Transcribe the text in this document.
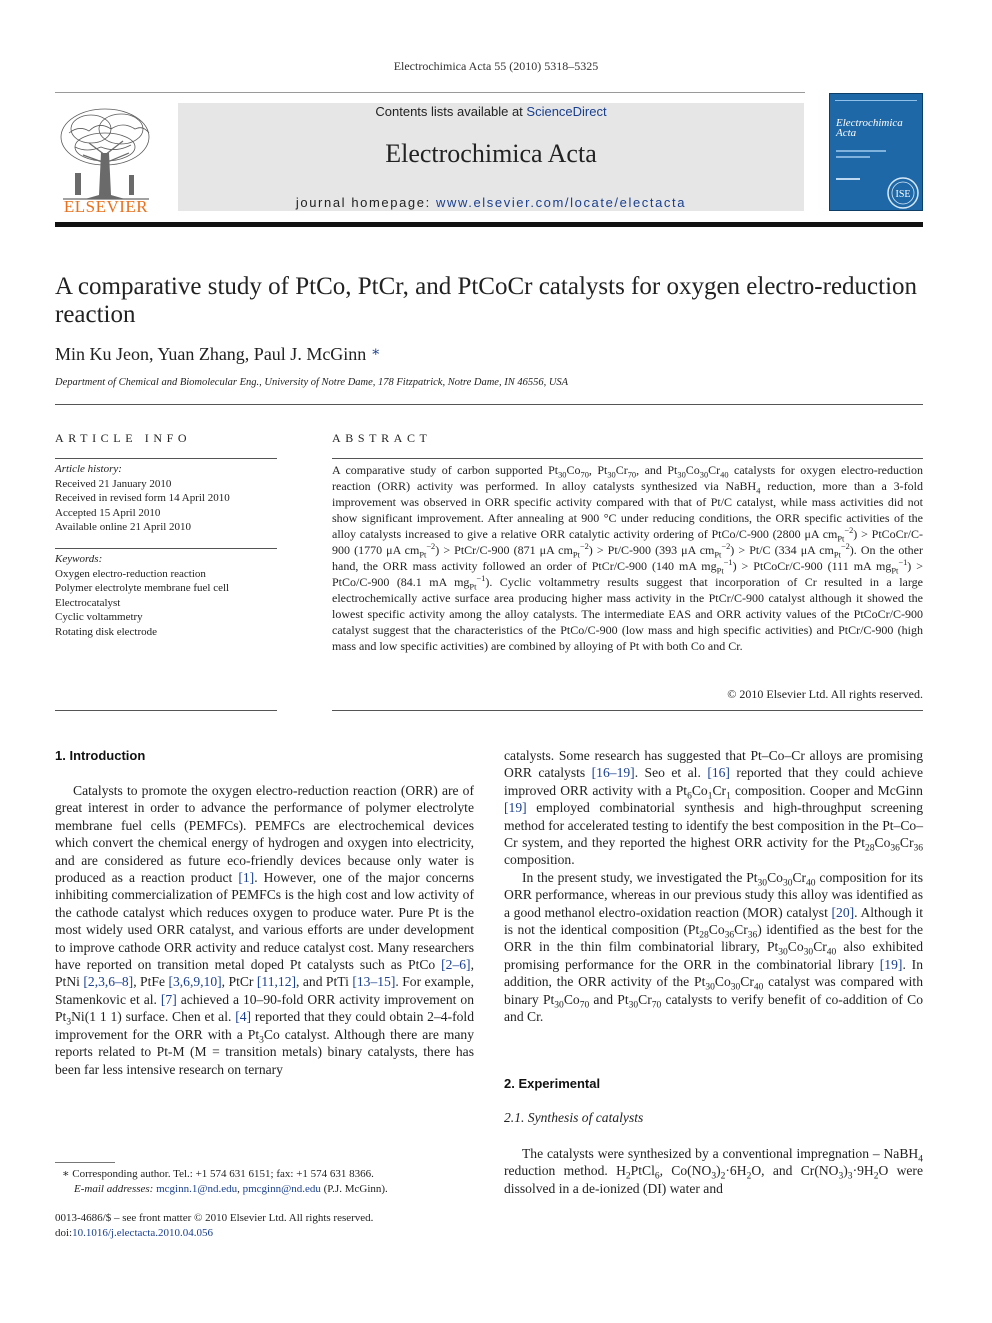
Electrochimica Acta 55 (2010) 5318–5325
ELSEVIER
Contents lists available at ScienceDirect
Electrochimica Acta
journal homepage: www.elsevier.com/locate/electacta
Electrochimica Acta
ISE
A comparative study of PtCo, PtCr, and PtCoCr catalysts for oxygen electro-reduction reaction
Min Ku Jeon, Yuan Zhang, Paul J. McGinn ∗
Department of Chemical and Biomolecular Eng., University of Notre Dame, 178 Fitzpatrick, Notre Dame, IN 46556, USA
ARTICLE INFO
Article history:
Received 21 January 2010
Received in revised form 14 April 2010
Accepted 15 April 2010
Available online 21 April 2010
Keywords:
Oxygen electro-reduction reaction
Polymer electrolyte membrane fuel cell
Electrocatalyst
Cyclic voltammetry
Rotating disk electrode
ABSTRACT
A comparative study of carbon supported $Pt_{30}Co_{70}$, $Pt_{30}Cr_{70}$, and $Pt_{30}Co_{30}Cr_{40}$ catalysts for oxygen electro-reduction reaction (ORR) activity was performed. In alloy catalysts synthesized via NaBH$_4$ reduction, more than a 3-fold improvement was observed in ORR specific activity compared with that of Pt/C catalyst, while mass activities did not show significant improvement. After annealing at 900 °C under reducing conditions, the ORR specific activities of the alloy catalysts increased to give a relative ORR catalytic activity ordering of PtCo/C-900 (2800 μA $cm_{Pt}^{-2}$) > PtCoCr/C-900 (1770 μA $cm_{Pt}^{-2}$) > PtCr/C-900 (871 μA $cm_{Pt}^{-2}) > Pt/C-900$ (393 μA $cm_{Pt}^{-2}) > Pt/C$ (334 μA $cm_{Pt}^{-2}$). On the other hand, the ORR mass activity followed an order of PtCr/C-900 (140 mA $mg_{Pt}^{-1}$) > PtCoCr/C-900 (111 mA $mg_{Pt}^{-1}$) > PtCo/C-900 (84.1 mA $mg_{Pt}^{-1}$). Cyclic voltammetry results suggest that incorporation of Cr resulted in a large electrochemically active surface area producing higher mass activity in the PtCr/C-900 catalyst although it showed the lowest specific activity among the alloy catalysts. The intermediate EAS and ORR activity values of the PtCoCr/C-900 catalyst suggest that the characteristics of the PtCo/C-900 (low mass and high specific activities) and PtCr/C-900 (high mass and low specific activities) are combined by alloying of Pt with both Co and Cr.
© 2010 Elsevier Ltd. All rights reserved.
1. Introduction

Catalysts to promote the oxygen electro-reduction reaction (ORR) are of great interest in order to advance the performance of polymer electrolyte membrane fuel cells (PEMFCs). PEMFCs are electrochemical devices which convert the chemical energy of hydrogen and oxygen into electricity, and are considered as future eco-friendly devices because only water is produced as a reaction product [1]. However, one of the major concerns inhibiting commercialization of PEMFCs is the high cost and low activity of the cathode catalyst which reduces oxygen to produce water. Pure Pt is the most widely used ORR catalyst, and various efforts are under development to improve cathode ORR activity and reduce catalyst cost. Many researchers have reported on transition metal doped Pt catalysts such as PtCo [2–6], PtNi [2,3,6–8], PtFe [3,6,9,10], PtCr [11,12], and PtTi [13–15]. For example, Stamenkovic et al. [7] achieved a 10–90-fold ORR activity improvement on $Pt_3Ni(1$ 1 1) surface. Chen et al. [4] reported that they could obtain 2–4-fold improvement for the ORR with a $Pt_3Co$ catalyst. Although there are many reports related to Pt-M (M = transition metals) binary catalysts, there has been far less intensive research on ternary

∗ Corresponding author. Tel.: +1 574 631 6151; fax: +1 574 631 8366.
E-mail addresses: mcginn.1@nd.edu, pmcginn@nd.edu (P.J. McGinn).
0013-4686/$ – see front matter © 2010 Elsevier Ltd. All rights reserved.
doi:10.1016/j.electacta.2010.04.056

catalysts. Some research has suggested that Pt–Co–Cr alloys are promising ORR catalysts [16–19]. Seo et al. [16] reported that they could achieve improved ORR activity with a $Pt_6Co_1Cr_1$ composition. Cooper and McGinn [19] employed combinatorial synthesis and high-throughput screening method for accelerated testing to identify the best composition in the Pt–Co–Cr system, and they reported the highest ORR activity for the $Pt_{28}Co_{36}Cr_{36}$ composition.

In the present study, we investigated the $Pt_{30}Co_{30}Cr_{40}$ composition for its ORR performance, whereas in our previous study this alloy was identified as a good methanol electro-oxidation reaction (MOR) catalyst [20]. Although it is not the identical composition $(Pt_{28}Co_{36}Cr_{36})$ identified as the best for the ORR in the thin film combinatorial library, $Pt_{30}Co_{30}Cr_{40}$ also exhibited promising performance for the ORR in the combinatorial library [19]. In addition, the ORR activity of the $Pt_{30}Co_{30}Cr_{40}$ catalyst was compared with binary $Pt_{30}Co_{70}$ and $Pt_{30}Cr_{70}$ catalysts to verify benefit of co-addition of Co and Cr.

2. Experimental
2.1. Synthesis of catalysts

The catalysts were synthesized by a conventional impregnation – NaBH$_4$ reduction method. $H_2PtCl_6$, $Co(NO_3)_2\cdot 6H_2O$, and $Cr(NO_3)_3\cdot 9H_2O$ were dissolved in a de-ionized (DI) water and
